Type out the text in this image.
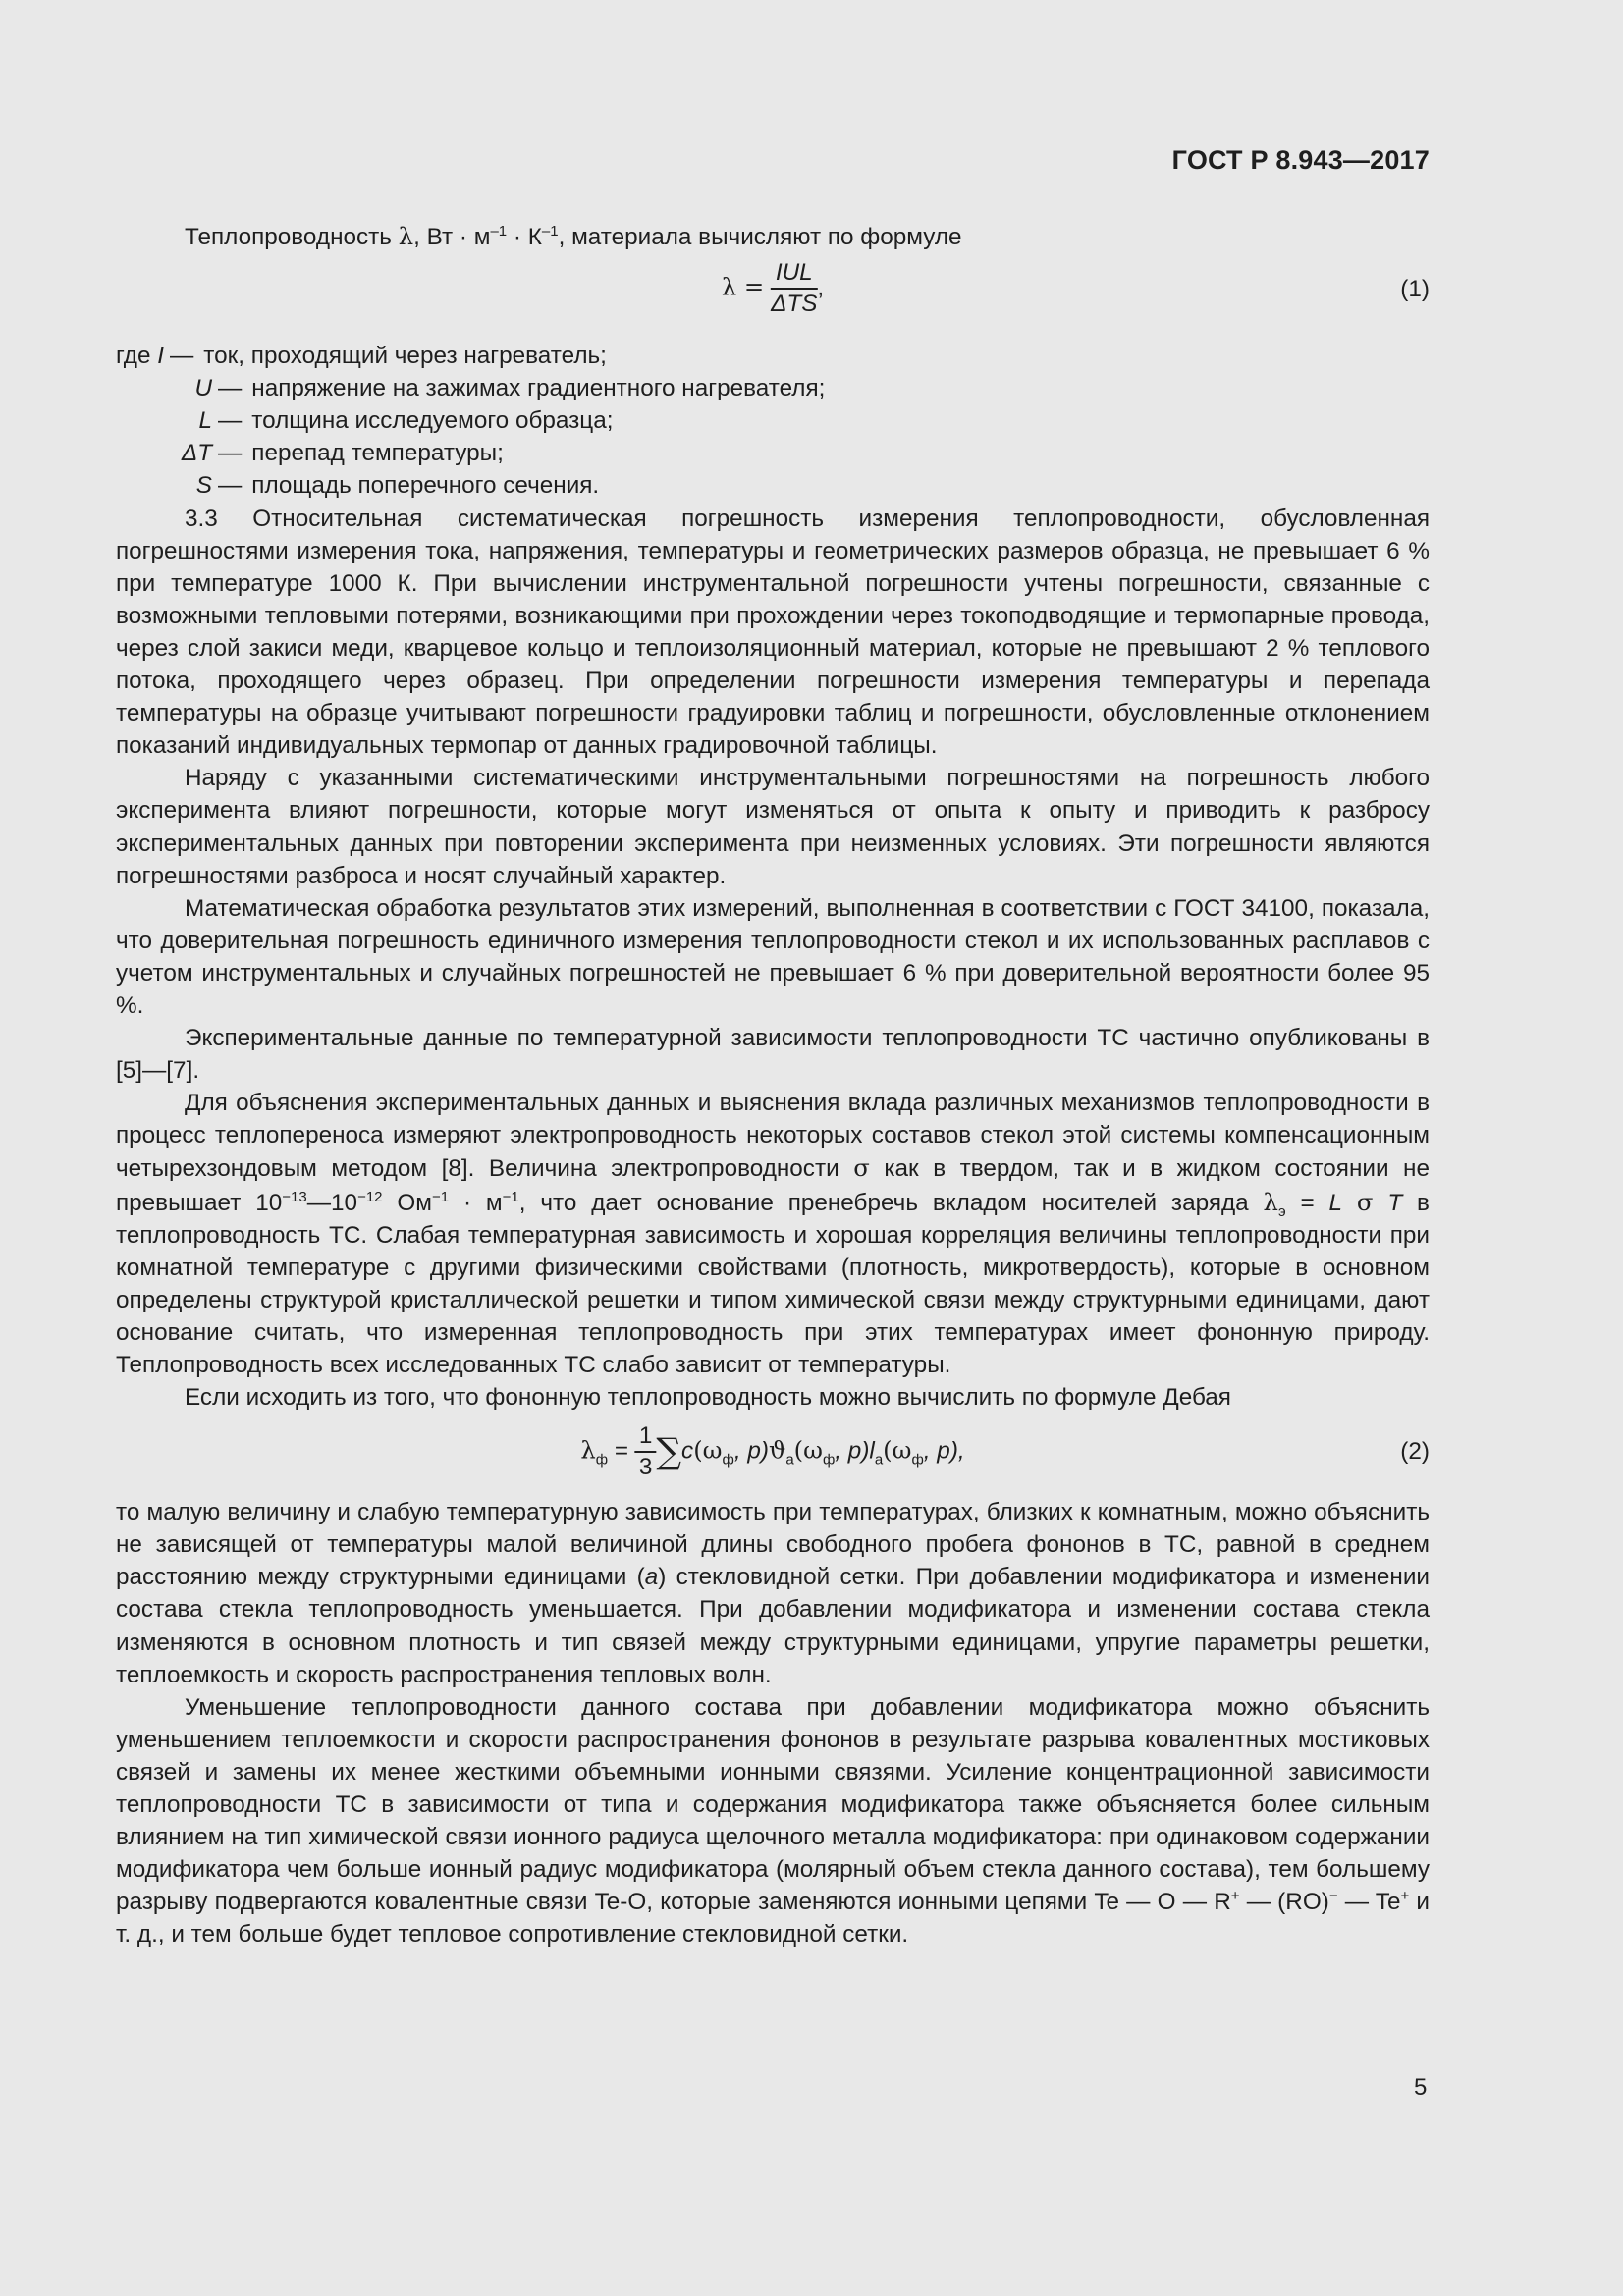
ГОСТ Р 8.943—2017

Теплопроводность λ, Вт · $м^{-1} \cdot К^{-1}$, материала вычисляют по формуле

$\lambda = \frac{\text{IUL}}{\text{ΔTS}}$ ,	(1)
где
I — ток, проходящий через нагреватель;
U — напряжение на зажимах градиентного нагревателя;
L — толщина исследуемого образца;
ΔT — перепад температуры;
S — площадь поперечного сечения.

3.3 Относительная систематическая погрешность измерения теплопроводности, обусловленная погрешностями измерения тока, напряжения, температуры и геометрических размеров образца, не превышает 6 % при температуре 1000 К. При вычислении инструментальной погрешности учтены погрешности, связанные с возможными тепловыми потерями, возникающими при прохождении через токоподводящие и термопарные провода, через слой закиси меди, кварцевое кольцо и теплоизоляционный материал, которые не превышают 2 % теплового потока, проходящего через образец. При определении погрешности измерения температуры и перепада температуры на образце учитывают погрешности градуировки таблиц и погрешности, обусловленные отклонением показаний индивидуальных термопар от данных градировочной таблицы.

Наряду с указанными систематическими инструментальными погрешностями на погрешность любого эксперимента влияют погрешности, которые могут изменяться от опыта к опыту и приводить к разбросу экспериментальных данных при повторении эксперимента при неизменных условиях. Эти погрешности являются погрешностями разброса и носят случайный характер.

Математическая обработка результатов этих измерений, выполненная в соответствии с ГОСТ 34100, показала, что доверительная погрешность единичного измерения теплопроводности стекол и их использованных расплавов с учетом инструментальных и случайных погрешностей не превышает 6 % при доверительной вероятности более 95 %.

Экспериментальные данные по температурной зависимости теплопроводности ТС частично опубликованы в [5]—[7].

Для объяснения экспериментальных данных и выяснения вклада различных механизмов теплопроводности в процесс теплопереноса измеряют электропроводность некоторых составов стекол этой системы компенсационным четырехзондовым методом [8]. Величина электропроводности σ как в твердом, так и в жидком состоянии не превышает $10^{-13}—10^{-12}$ $Ом^{-1} \cdot м^{-1}$, что дает основание пренебречь вкладом носителей заряда $\lambda_э = L$ σ T в теплопроводность ТС. Слабая температурная зависимость и хорошая корреляция величины теплопроводности при комнатной температуре с другими физическими свойствами (плотность, микротвердость), которые в основном определены структурой кристаллической решетки и типом химической связи между структурными единицами, дают основание считать, что измеренная теплопроводность при этих температурах имеет фононную природу. Теплопроводность всех исследованных ТС слабо зависит от температуры.

Если исходить из того, что фононную теплопроводность можно вычислить по формуле Дебая

$\lambda_ф = \frac{1}{3} \sum c(\omega_ф$, $p)ϑ_a(\omega_ф$, $p)l_a(\omega_ф$, p),	(2)

то малую величину и слабую температурную зависимость при температурах, близких к комнатным, можно объяснить не зависящей от температуры малой величиной длины свободного пробега фононов в ТС, равной в среднем расстоянию между структурными единицами (a) стекловидной сетки. При добавлении модификатора и изменении состава стекла теплопроводность уменьшается. При добавлении модификатора и изменении состава стекла изменяются в основном плотность и тип связей между структурными единицами, упругие параметры решетки, теплоемкость и скорость распространения тепловых волн.

Уменьшение теплопроводности данного состава при добавлении модификатора можно объяснить уменьшением теплоемкости и скорости распространения фононов в результате разрыва ковалентных мостиковых связей и замены их менее жесткими объемными ионными связями. Усиление концентрационной зависимости теплопроводности ТС в зависимости от типа и содержания модификатора также объясняется более сильным влиянием на тип химической связи ионного радиуса щелочного металла модификатора: при одинаковом содержании модификатора чем больше ионный радиус модификатора (молярный объем стекла данного состава), тем большему разрыву подвергаются ковалентные связи Te-O, которые заменяются ионными цепями Te — O — R+ — (RO)− — Te+ и т. д., и тем больше будет тепловое сопротивление стекловидной сетки.

5
